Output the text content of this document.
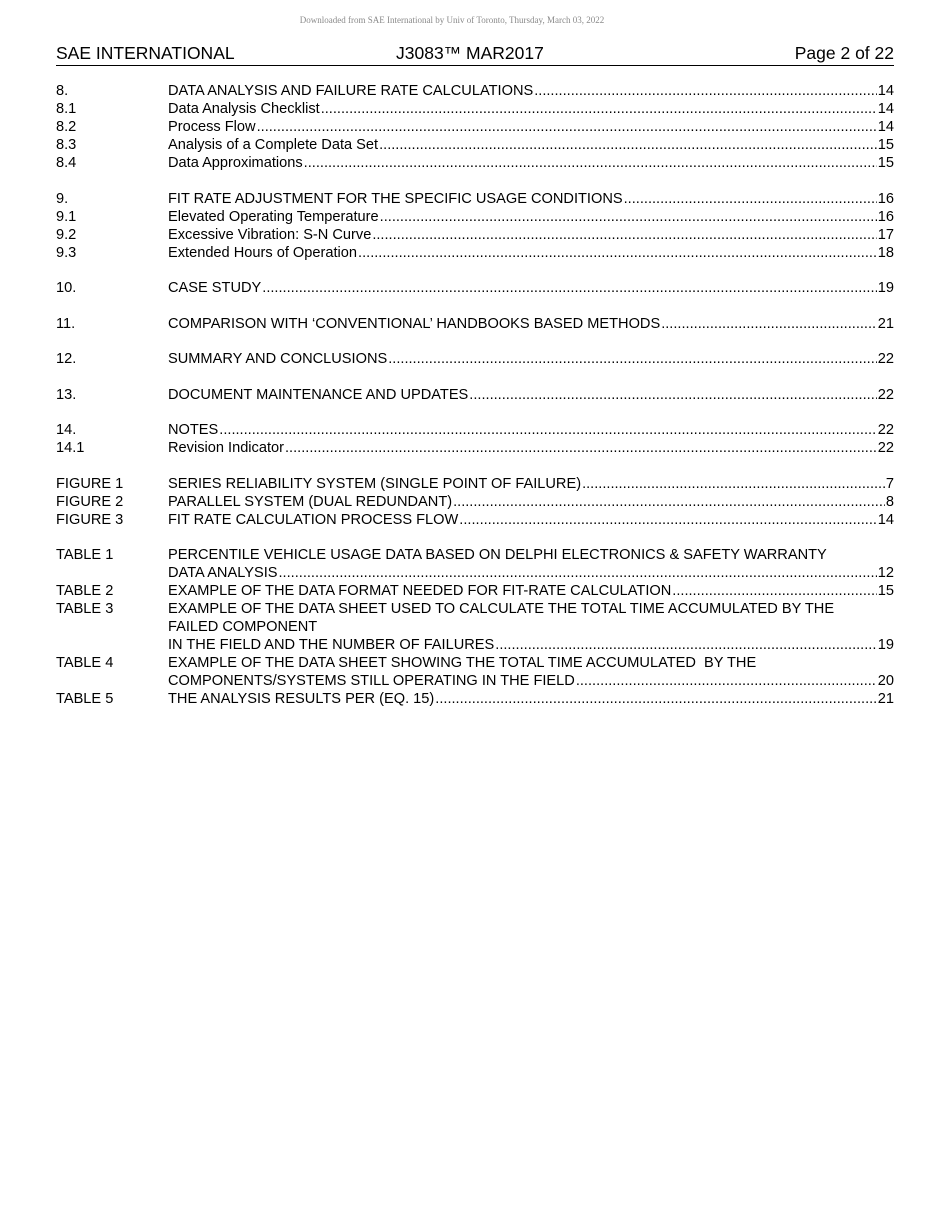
Downloaded from SAE International by Univ of Toronto, Thursday, March 03, 2022
SAE INTERNATIONAL	J3083™ MAR2017	Page 2 of 22
8.	DATA ANALYSIS AND FAILURE RATE CALCULATIONS .....	14
8.1	Data Analysis Checklist .....	14
8.2	Process Flow .....	14
8.3	Analysis of a Complete Data Set .....	15
8.4	Data Approximations .....	15
9.	FIT RATE ADJUSTMENT FOR THE SPECIFIC USAGE CONDITIONS .....	16
9.1	Elevated Operating Temperature .....	16
9.2	Excessive Vibration: S-N Curve .....	17
9.3	Extended Hours of Operation .....	18
10.	CASE STUDY .....	19
11.	COMPARISON WITH ‘CONVENTIONAL’ HANDBOOKS BASED METHODS .....	21
12.	SUMMARY AND CONCLUSIONS .....	22
13.	DOCUMENT MAINTENANCE AND UPDATES .....	22
14.	NOTES .....	22
14.1	Revision Indicator .....	22
FIGURE 1	SERIES RELIABILITY SYSTEM (SINGLE POINT OF FAILURE) .....	7
FIGURE 2	PARALLEL SYSTEM (DUAL REDUNDANT) .....	8
FIGURE 3	FIT RATE CALCULATION PROCESS FLOW .....	14
TABLE 1	PERCENTILE VEHICLE USAGE DATA BASED ON DELPHI ELECTRONICS & SAFETY WARRANTY
DATA ANALYSIS .....	12
TABLE 2	EXAMPLE OF THE DATA FORMAT NEEDED FOR FIT-RATE CALCULATION .....	15
TABLE 3	EXAMPLE OF THE DATA SHEET USED TO CALCULATE THE TOTAL TIME ACCUMULATED BY THE
FAILED COMPONENT
IN THE FIELD AND THE NUMBER OF FAILURES .....	19
TABLE 4	EXAMPLE OF THE DATA SHEET SHOWING THE TOTAL TIME ACCUMULATED  BY THE
COMPONENTS/SYSTEMS STILL OPERATING IN THE FIELD .....	20
TABLE 5	THE ANALYSIS RESULTS PER (EQ. 15) .....	21
